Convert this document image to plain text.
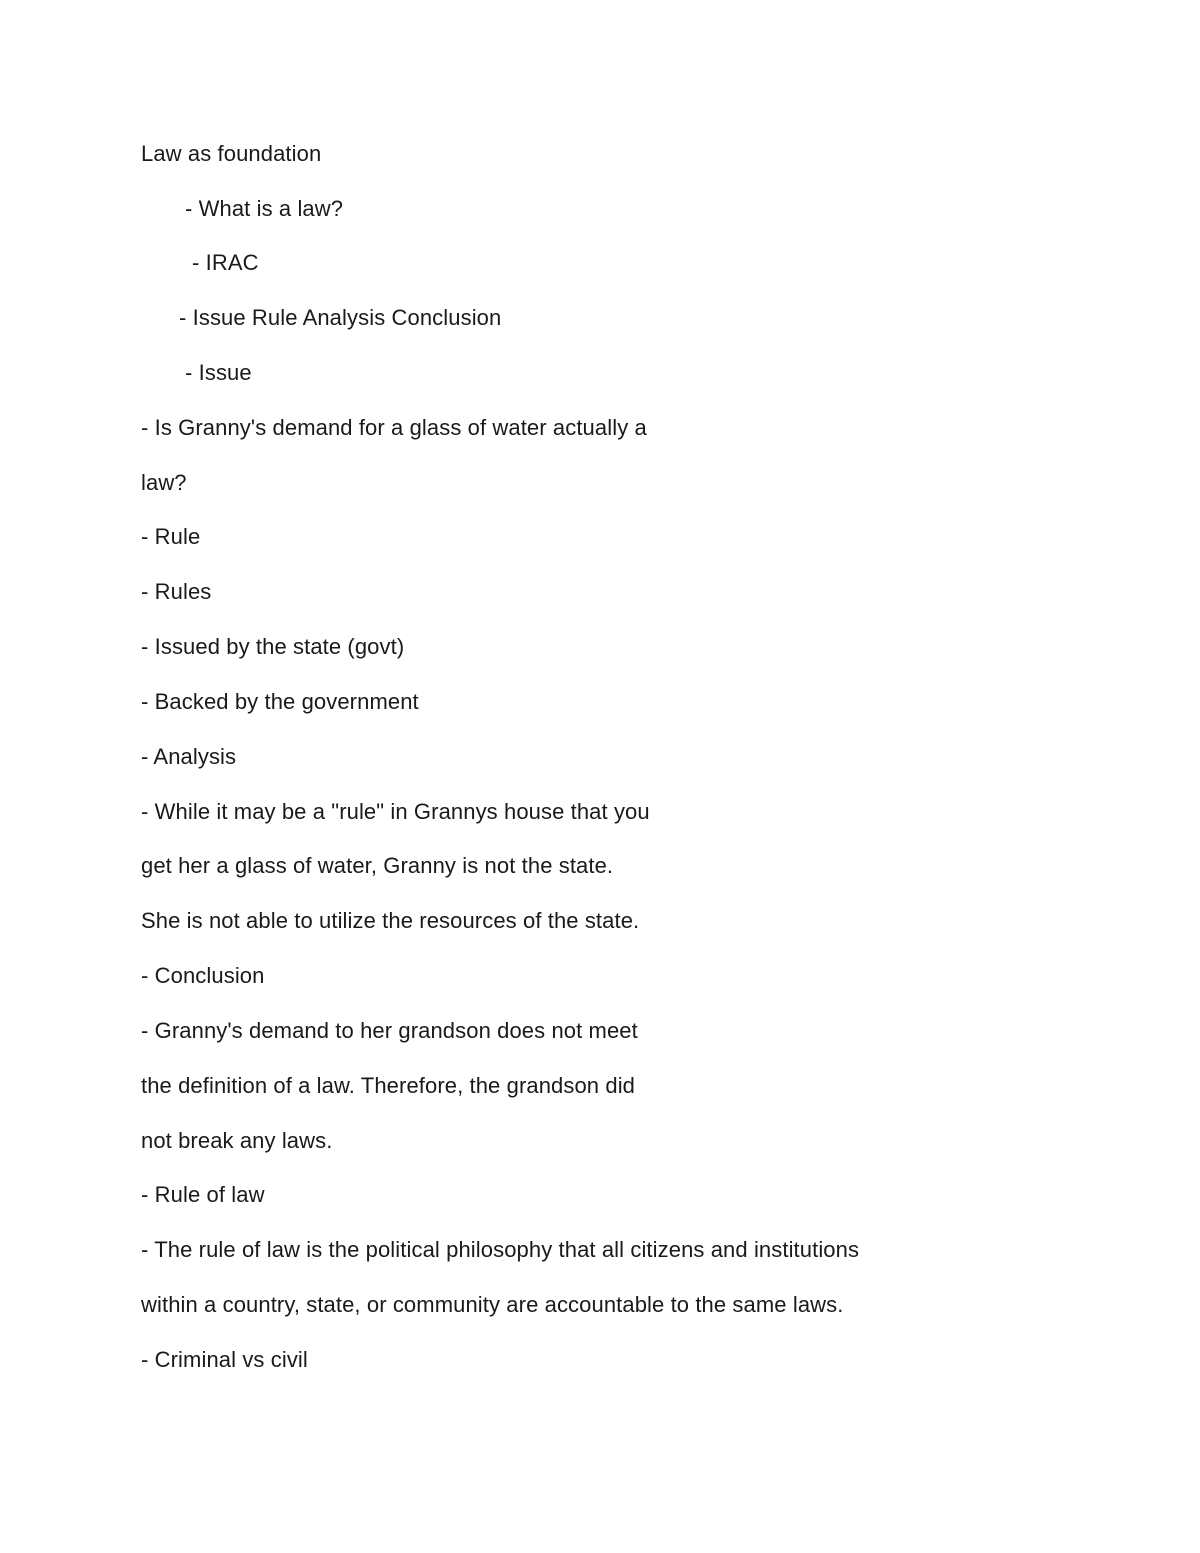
Law as foundation
- What is a law?
- IRAC
- Issue Rule Analysis Conclusion
- Issue
- Is Granny's demand for a glass of water actually a
law?
- Rule
- Rules
- Issued by the state (govt)
- Backed by the government
- Analysis
- While it may be a "rule" in Grannys house that you
get her a glass of water, Granny is not the state.
She is not able to utilize the resources of the state.
- Conclusion
- Granny's demand to her grandson does not meet
the definition of a law. Therefore, the grandson did
not break any laws.
- Rule of law
- The rule of law is the political philosophy that all citizens and institutions
within a country, state, or community are accountable to the same laws.
- Criminal vs civil
